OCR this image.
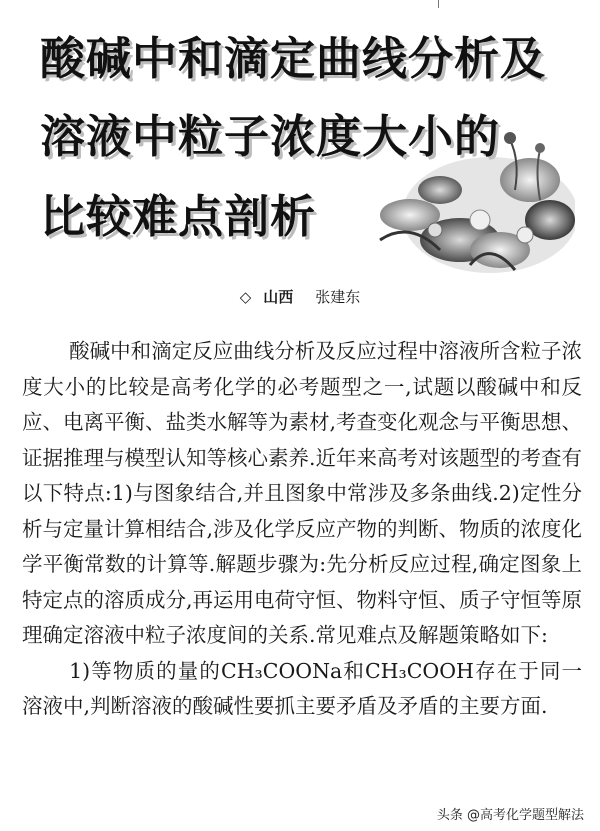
酸碱中和滴定曲线分析及
溶液中粒子浓度大小的
比较难点剖析
◇ 山西 张建东

酸碱中和滴定反应曲线分析及反应过程中溶液所含粒子浓度大小的比较是高考化学的必考题型之一,试题以酸碱中和反应、电离平衡、盐类水解等为素材,考查变化观念与平衡思想、证据推理与模型认知等核心素养.近年来高考对该题型的考查有以下特点:1)与图象结合,并且图象中常涉及多条曲线.2)定性分析与定量计算相结合,涉及化学反应产物的判断、物质的浓度化学平衡常数的计算等.解题步骤为:先分析反应过程,确定图象上特定点的溶质成分,再运用电荷守恒、物料守恒、质子守恒等原理确定溶液中粒子浓度间的关系.常见难点及解题策略如下:

1)等物质的量的CH₃COONa和CH₃COOH存在于同一溶液中,判断溶液的酸碱性要抓主要矛盾及矛盾的主要方面.

头条 @高考化学题型解法
